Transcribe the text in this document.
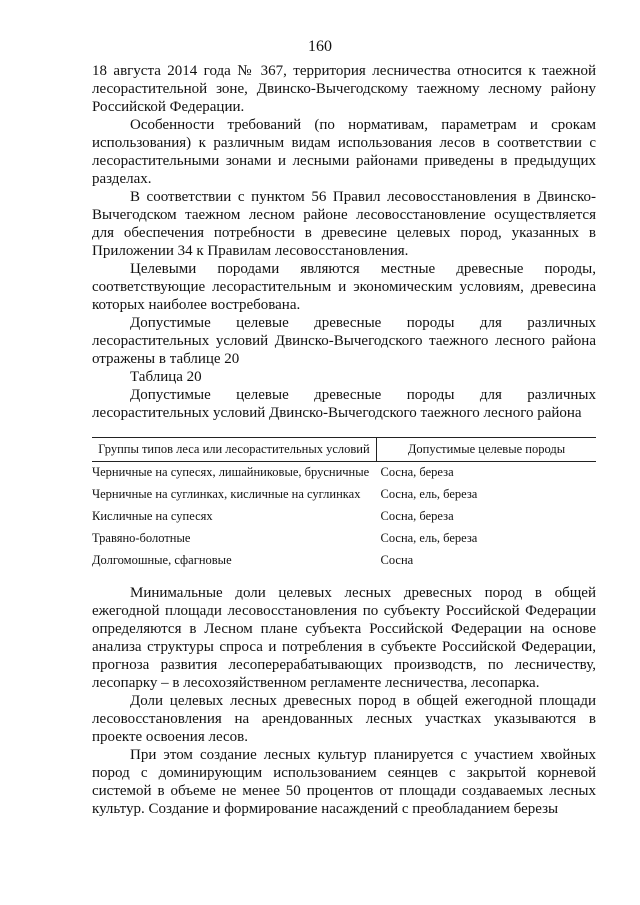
160

18 августа 2014 года № 367, территория лесничества относится к таежной лесорастительной зоне, Двинско-Вычегодскому таежному лесному району Российской Федерации.

Особенности требований (по нормативам, параметрам и срокам использования) к различным видам использования лесов в соответствии с лесорастительными зонами и лесными районами приведены в предыдущих разделах.

В соответствии с пунктом 56 Правил лесовосстановления в Двинско-Вычегодском таежном лесном районе лесовосстановление осуществляется для обеспечения потребности в древесине целевых пород, указанных в Приложении 34 к Правилам лесовосстановления.

Целевыми породами являются местные древесные породы, соответствующие лесорастительным и экономическим условиям, древесина которых наиболее востребована.

Допустимые целевые древесные породы для различных лесорастительных условий Двинско-Вычегодского таежного лесного района отражены в таблице 20

Таблица 20

Допустимые целевые древесные породы для различных лесорастительных условий Двинско-Вычегодского таежного лесного района

Группы типов леса или лесорастительных условий	Допустимые целевые породы
Черничные на супесях, лишайниковые, брусничные	Сосна, береза
Черничные на суглинках, кисличные на суглинках	Сосна, ель, береза
Кисличные на супесях	Сосна, береза
Травяно-болотные	Сосна, ель, береза
Долгомошные, сфагновые	Сосна

Минимальные доли целевых лесных древесных пород в общей ежегодной площади лесовосстановления по субъекту Российской Федерации определяются в Лесном плане субъекта Российской Федерации на основе анализа структуры спроса и потребления в субъекте Российской Федерации, прогноза развития лесоперерабатывающих производств, по лесничеству, лесопарку – в лесохозяйственном регламенте лесничества, лесопарка.

Доли целевых лесных древесных пород в общей ежегодной площади лесовосстановления на арендованных лесных участках указываются в проекте освоения лесов.

При этом создание лесных культур планируется с участием хвойных пород с доминирующим использованием сеянцев с закрытой корневой системой в объеме не менее 50 процентов от площади создаваемых лесных культур. Создание и формирование насаждений с преобладанием березы
